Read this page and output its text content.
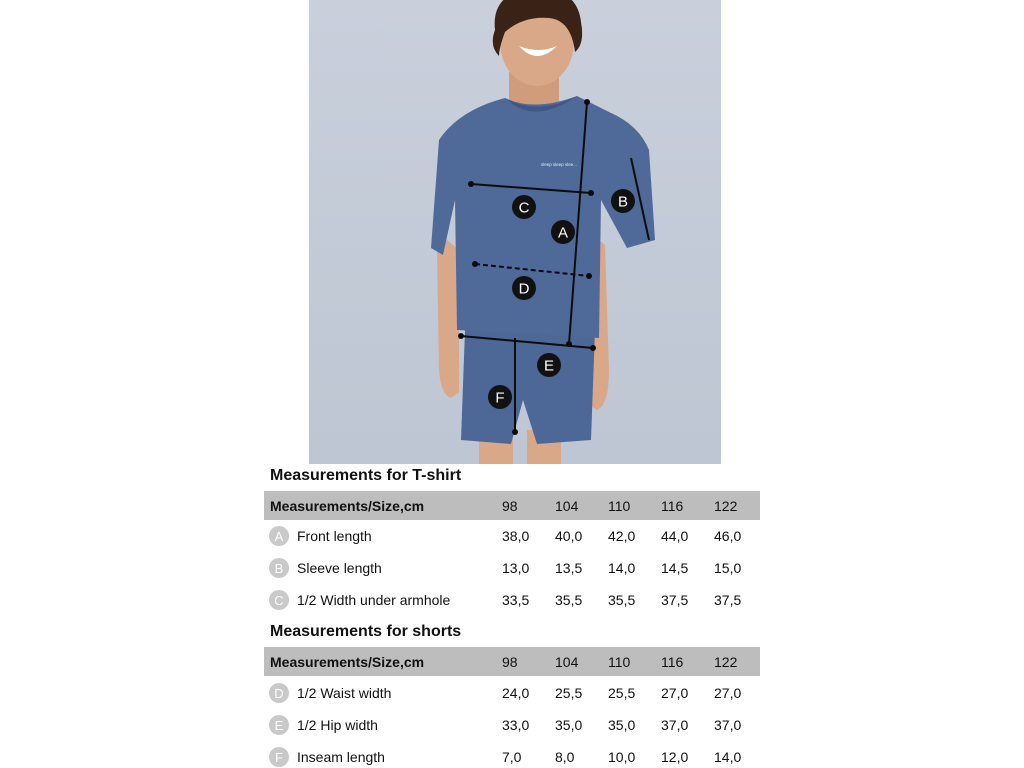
sleep sleep slee...
C
A
B
D
E
F
Measurements for T-shirt
Measurements/Size,cm	98	104 110 116 122
A Front length	38,0 40,0 42,0 44,0 46,0
B Sleeve length	13,0 13,5 14,0 14,5 15,0
C 1/2 Width under armhole	33,5 35,5 35,5 37,5 37,5
Measurements for shorts
Measurements/Size,cm	98	104 110 116 122
D 1/2 Waist width	24,0 25,5 25,5 27,0 27,0
E 1/2 Hip width	33,0 35,0 35,0 37,0 37,0
F	Inseam length	7,0 8,0 10,0 12,0 14,0
